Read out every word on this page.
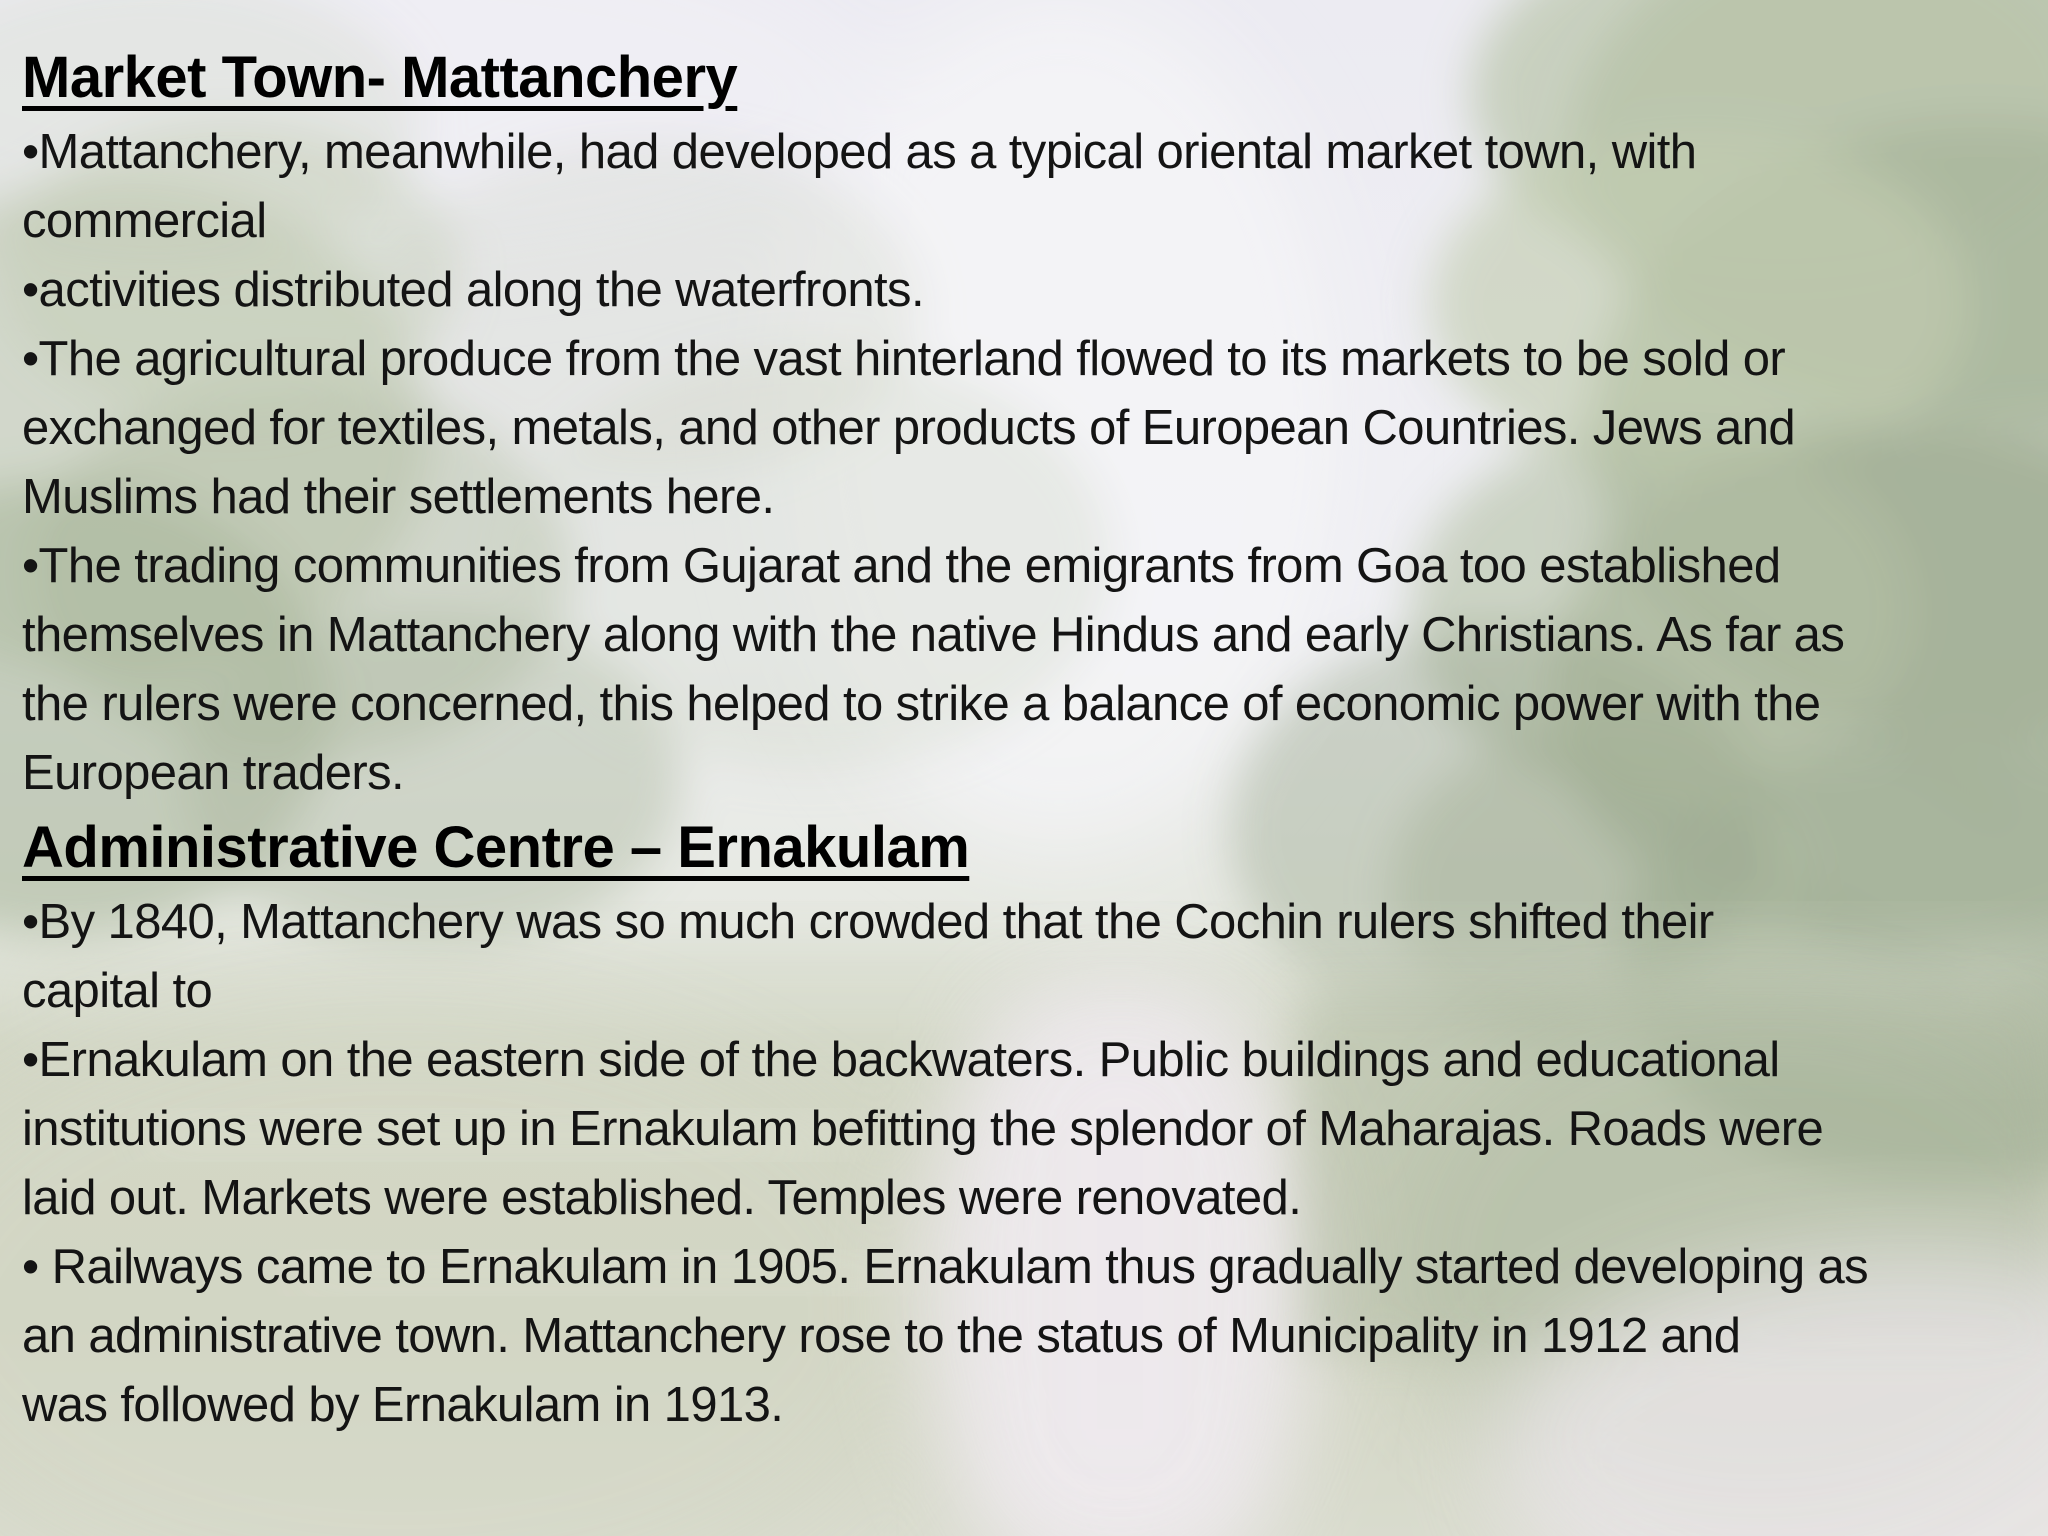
Market Town- Mattanchery
•Mattanchery, meanwhile, had developed as a typical oriental market town, with
commercial
•activities distributed along the waterfronts.
•The agricultural produce from the vast hinterland flowed to its markets to be sold or
exchanged for textiles, metals, and other products of European Countries. Jews and
Muslims had their settlements here.
•The trading communities from Gujarat and the emigrants from Goa too established
themselves in Mattanchery along with the native Hindus and early Christians. As far as
the rulers were concerned, this helped to strike a balance of economic power with the
European traders.
Administrative Centre – Ernakulam
•By 1840, Mattanchery was so much crowded that the Cochin rulers shifted their
capital to
•Ernakulam on the eastern side of the backwaters. Public buildings and educational
institutions were set up in Ernakulam befitting the splendor of Maharajas. Roads were
laid out. Markets were established. Temples were renovated.
• Railways came to Ernakulam in 1905. Ernakulam thus gradually started developing as
an administrative town. Mattanchery rose to the status of Municipality in 1912 and
was followed by Ernakulam in 1913.
